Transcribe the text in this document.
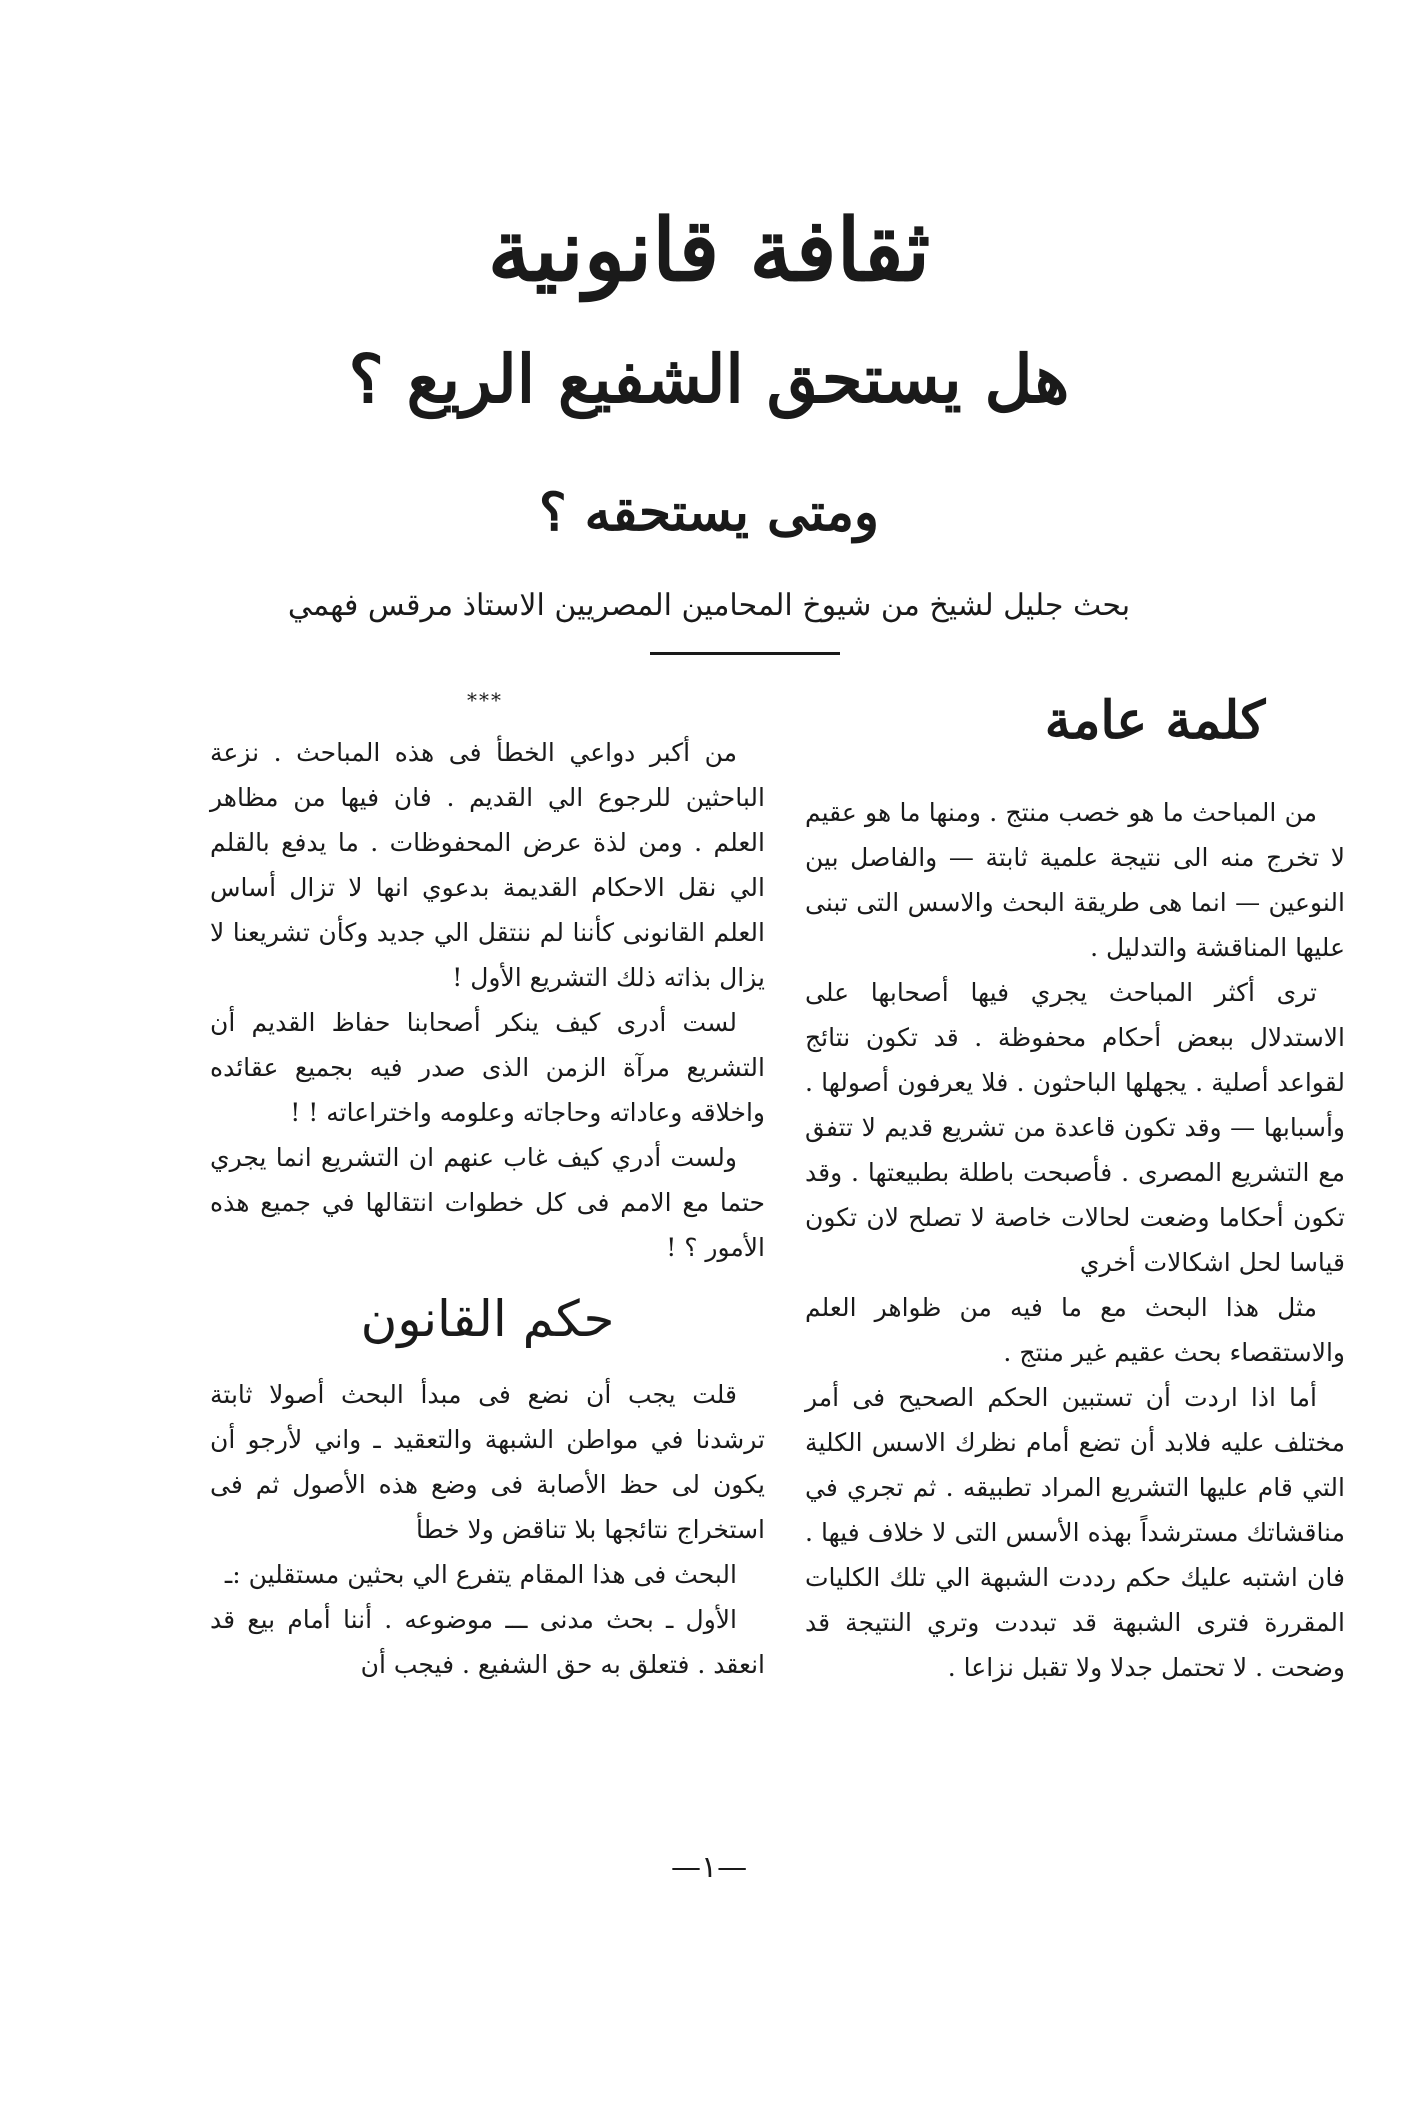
ثقافة قانونية
هل يستحق الشفيع الريع ؟
ومتى يستحقه ؟
بحث جليل لشيخ من شيوخ المحامين المصريين الاستاذ مرقس فهمي
كلمة عامة

من المباحث ما هو خصب منتج . ومنها ما هو عقيم لا تخرج منه الى نتيجة علمية ثابتة — والفاصل بين النوعين — انما هى طريقة البحث والاسس التى تبنى عليها المناقشة والتدليل .

ترى أكثر المباحث يجري فيها أصحابها على الاستدلال ببعض أحكام محفوظة . قد تكون نتائج لقواعد أصلية . يجهلها الباحثون . فلا يعرفون أصولها . وأسبابها — وقد تكون قاعدة من تشريع قديم لا تتفق مع التشريع المصرى . فأصبحت باطلة بطبيعتها . وقد تكون أحكاما وضعت لحالات خاصة لا تصلح لان تكون قياسا لحل اشكالات أخري

مثل هذا البحث مع ما فيه من ظواهر العلم والاستقصاء بحث عقيم غير منتج .

أما اذا اردت أن تستبين الحكم الصحيح فى أمر مختلف عليه فلابد أن تضع أمام نظرك الاسس الكلية التي قام عليها التشريع المراد تطبيقه . ثم تجري في مناقشاتك مسترشداً بهذه الأسس التى لا خلاف فيها . فان اشتبه عليك حكم رددت الشبهة الي تلك الكليات المقررة فترى الشبهة قد تبددت وتري النتيجة قد وضحت . لا تحتمل جدلا ولا تقبل نزاعا .

***

من أكبر دواعي الخطأ فى هذه المباحث . نزعة الباحثين للرجوع الي القديم . فان فيها من مظاهر العلم . ومن لذة عرض المحفوظات . ما يدفع بالقلم الي نقل الاحكام القديمة بدعوي انها لا تزال أساس العلم القانونى كأننا لم ننتقل الي جديد وكأن تشريعنا لا يزال بذاته ذلك التشريع الأول !

لست أدرى كيف ينكر أصحابنا حفاظ القديم أن التشريع مرآة الزمن الذى صدر فيه بجميع عقائده واخلاقه وعاداته وحاجاته وعلومه واختراعاته ! !

ولست أدري كيف غاب عنهم ان التشريع انما يجري حتما مع الامم فى كل خطوات انتقالها في جميع هذه الأمور ؟ !

حكم القانون

قلت يجب أن نضع فى مبدأ البحث أصولا ثابتة ترشدنا في مواطن الشبهة والتعقيد ـ واني لأرجو أن يكون لى حظ الأصابة فى وضع هذه الأصول ثم فى استخراج نتائجها بلا تناقض ولا خطأ

البحث فى هذا المقام يتفرع الي بحثين مستقلين :ـ

الأول ـ بحث مدنى ـــ موضوعه . أننا أمام بيع قد انعقد . فتعلق به حق الشفيع . فيجب أن

—١—
